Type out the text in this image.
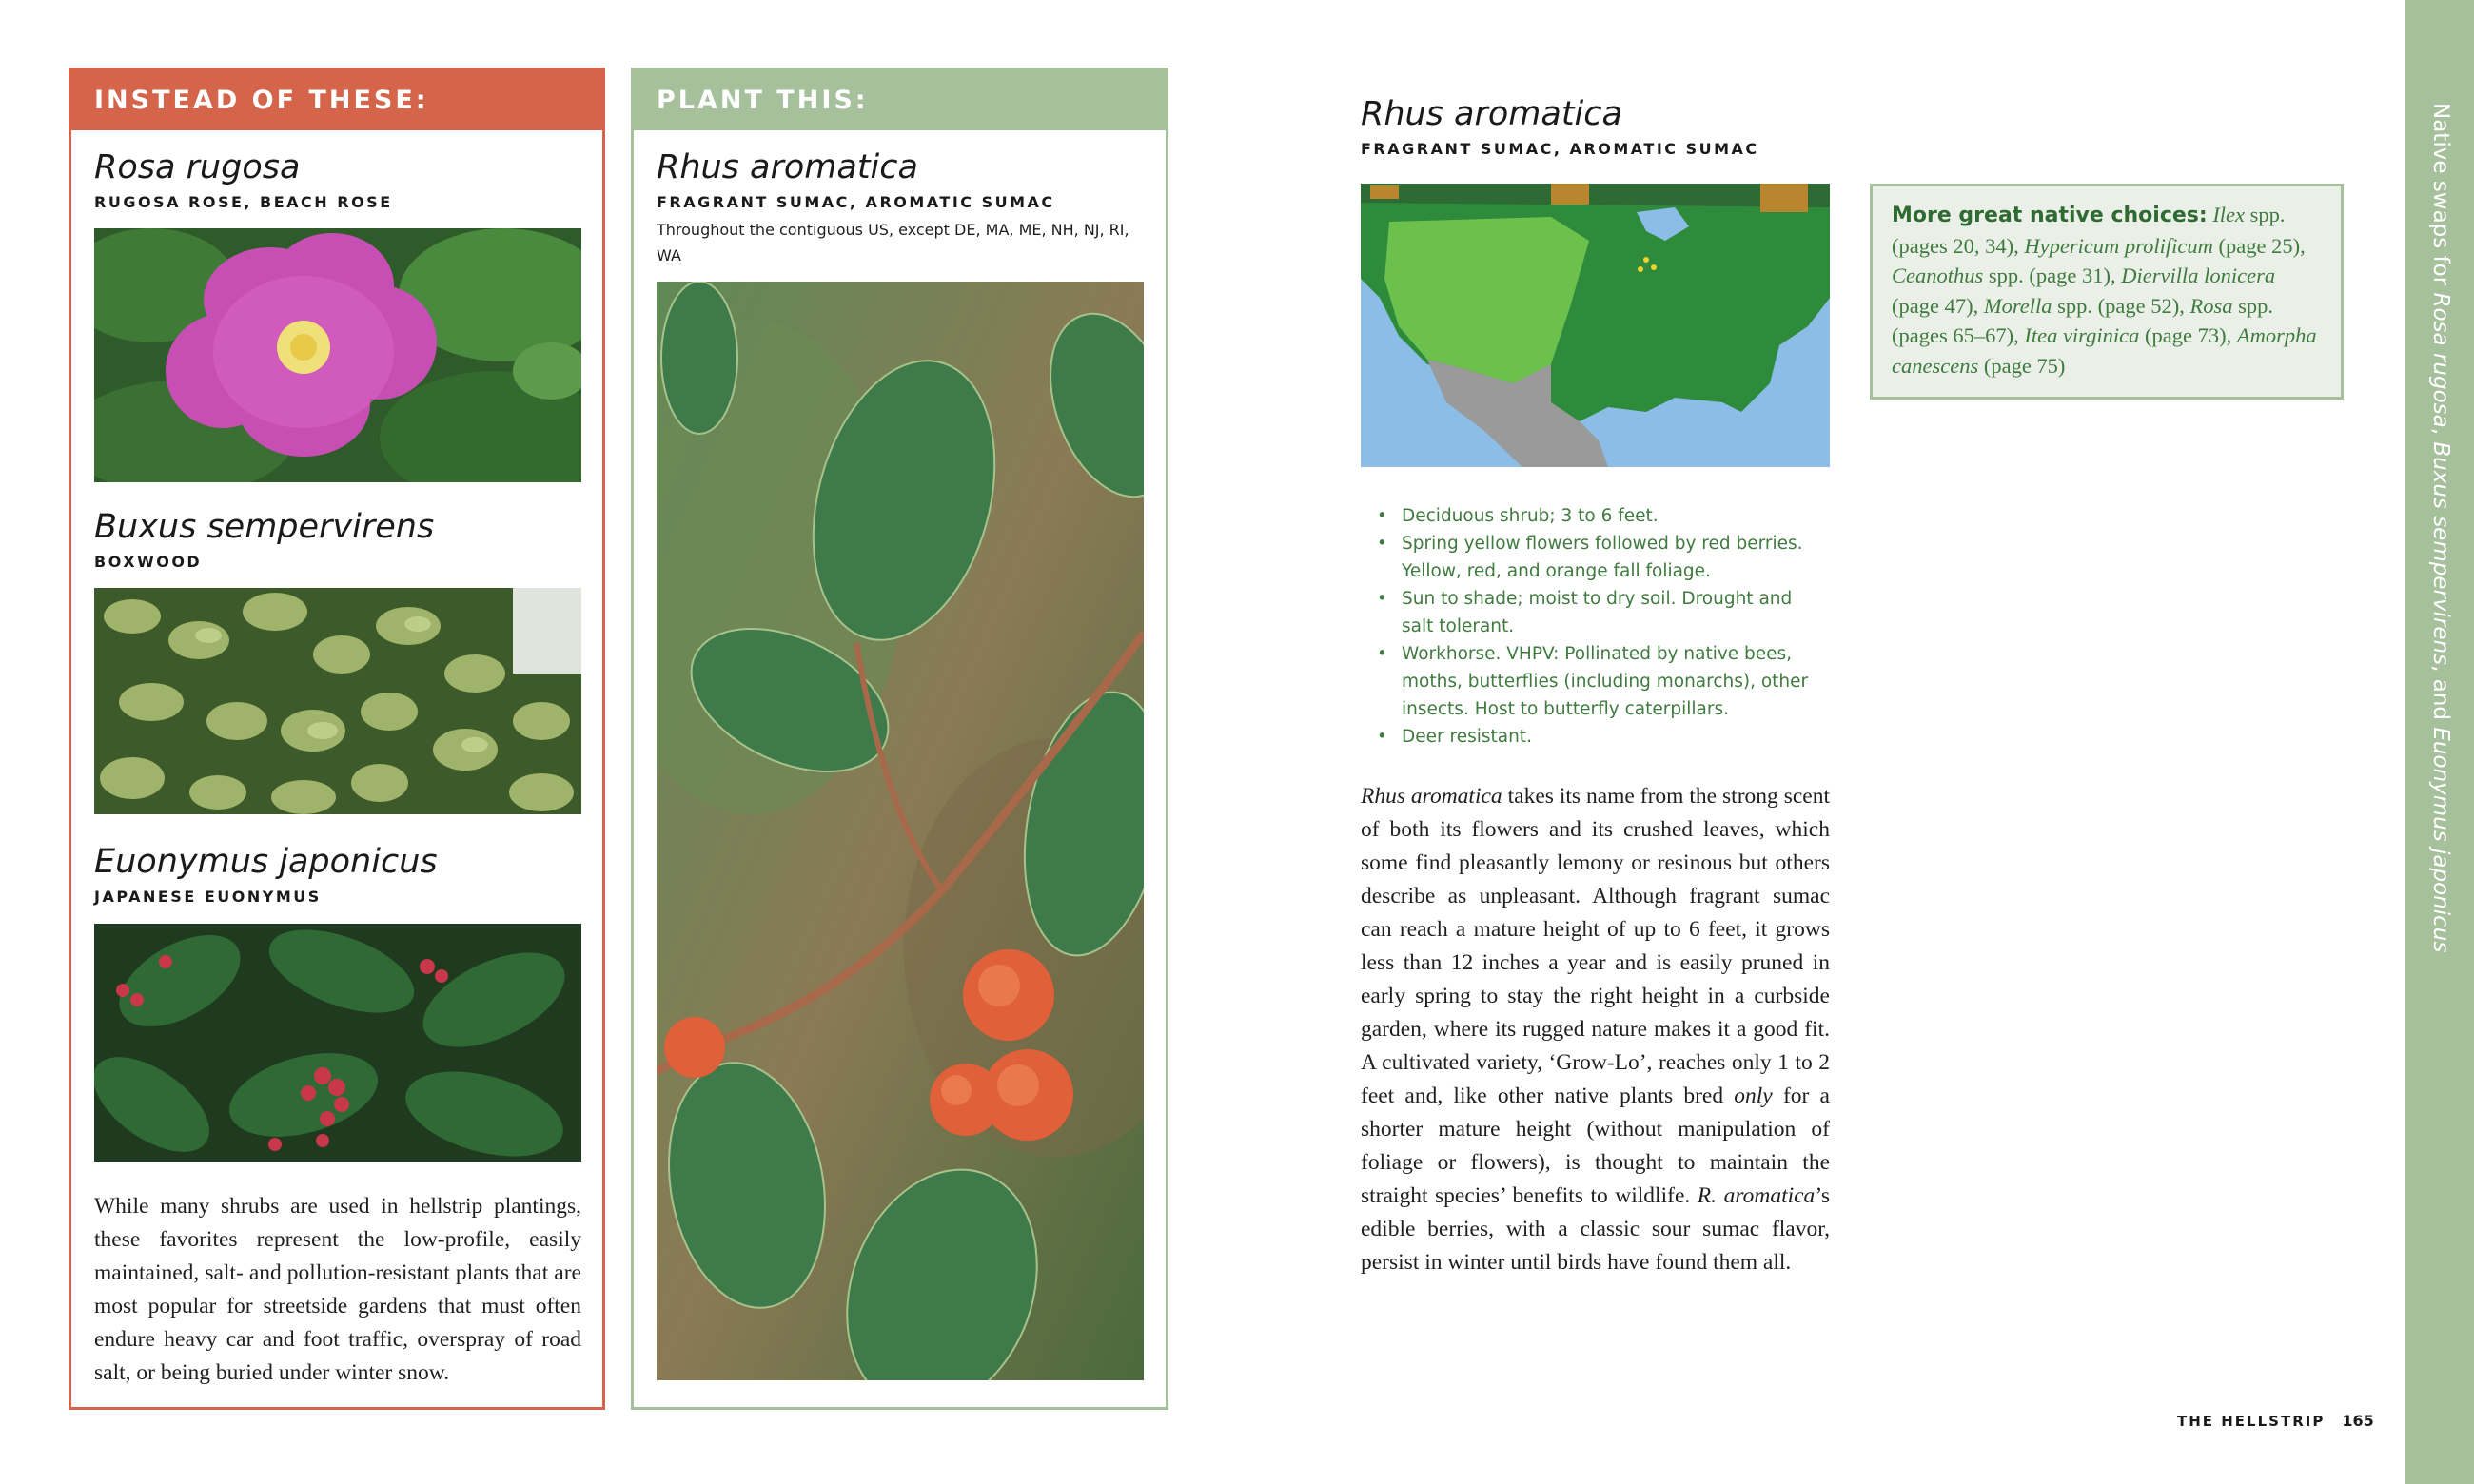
INSTEAD OF THESE:
Rosa rugosa
RUGOSA ROSE, BEACH ROSE
Buxus sempervirens
BOXWOOD
Euonymus japonicus
JAPANESE EUONYMUS
While many shrubs are used in hellstrip plantings, these favorites represent the low-profile, easily maintained, salt- and pollution-resistant plants that are most popular for streetside gardens that must often endure heavy car and foot traffic, overspray of road salt, or being buried under winter snow.
PLANT THIS:
Rhus aromatica
FRAGRANT SUMAC, AROMATIC SUMAC
Throughout the contiguous US, except DE, MA, ME, NH, NJ, RI, WA
Rhus aromatica
FRAGRANT SUMAC, AROMATIC SUMAC
• Deciduous shrub; 3 to 6 feet.
• Spring yellow flowers followed by red berries. Yellow, red, and orange fall foliage.
• Sun to shade; moist to dry soil. Drought and salt tolerant.
• Workhorse. VHPV: Pollinated by native bees, moths, butterflies (including monarchs), other insects. Host to butterfly caterpillars.
• Deer resistant.
Rhus aromatica takes its name from the strong scent of both its flowers and its crushed leaves, which some find pleasantly lemony or resinous but others describe as unpleasant. Although fragrant sumac can reach a mature height of up to 6 feet, it grows less than 12 inches a year and is easily pruned in early spring to stay the right height in a curbside garden, where its rugged nature makes it a good fit. A cultivated variety, ‘Grow-Lo’, reaches only 1 to 2 feet and, like other native plants bred only for a shorter mature height (without manipulation of foliage or flowers), is thought to maintain the straight species’ benefits to wildlife. R. aromatica’s edible berries, with a classic sour sumac flavor, persist in winter until birds have found them all.
More great native choices: Ilex spp. (pages 20, 34), Hypericum prolificum (page 25), Ceanothus spp. (page 31), Diervilla lonicera (page 47), Morella spp. (page 52), Rosa spp. (pages 65–67), Itea virginica (page 73), Amorpha canescens (page 75)
THE HELLSTRIP 165
Native swaps for Rosa rugosa, Buxus sempervirens, and Euonymus japonicus
